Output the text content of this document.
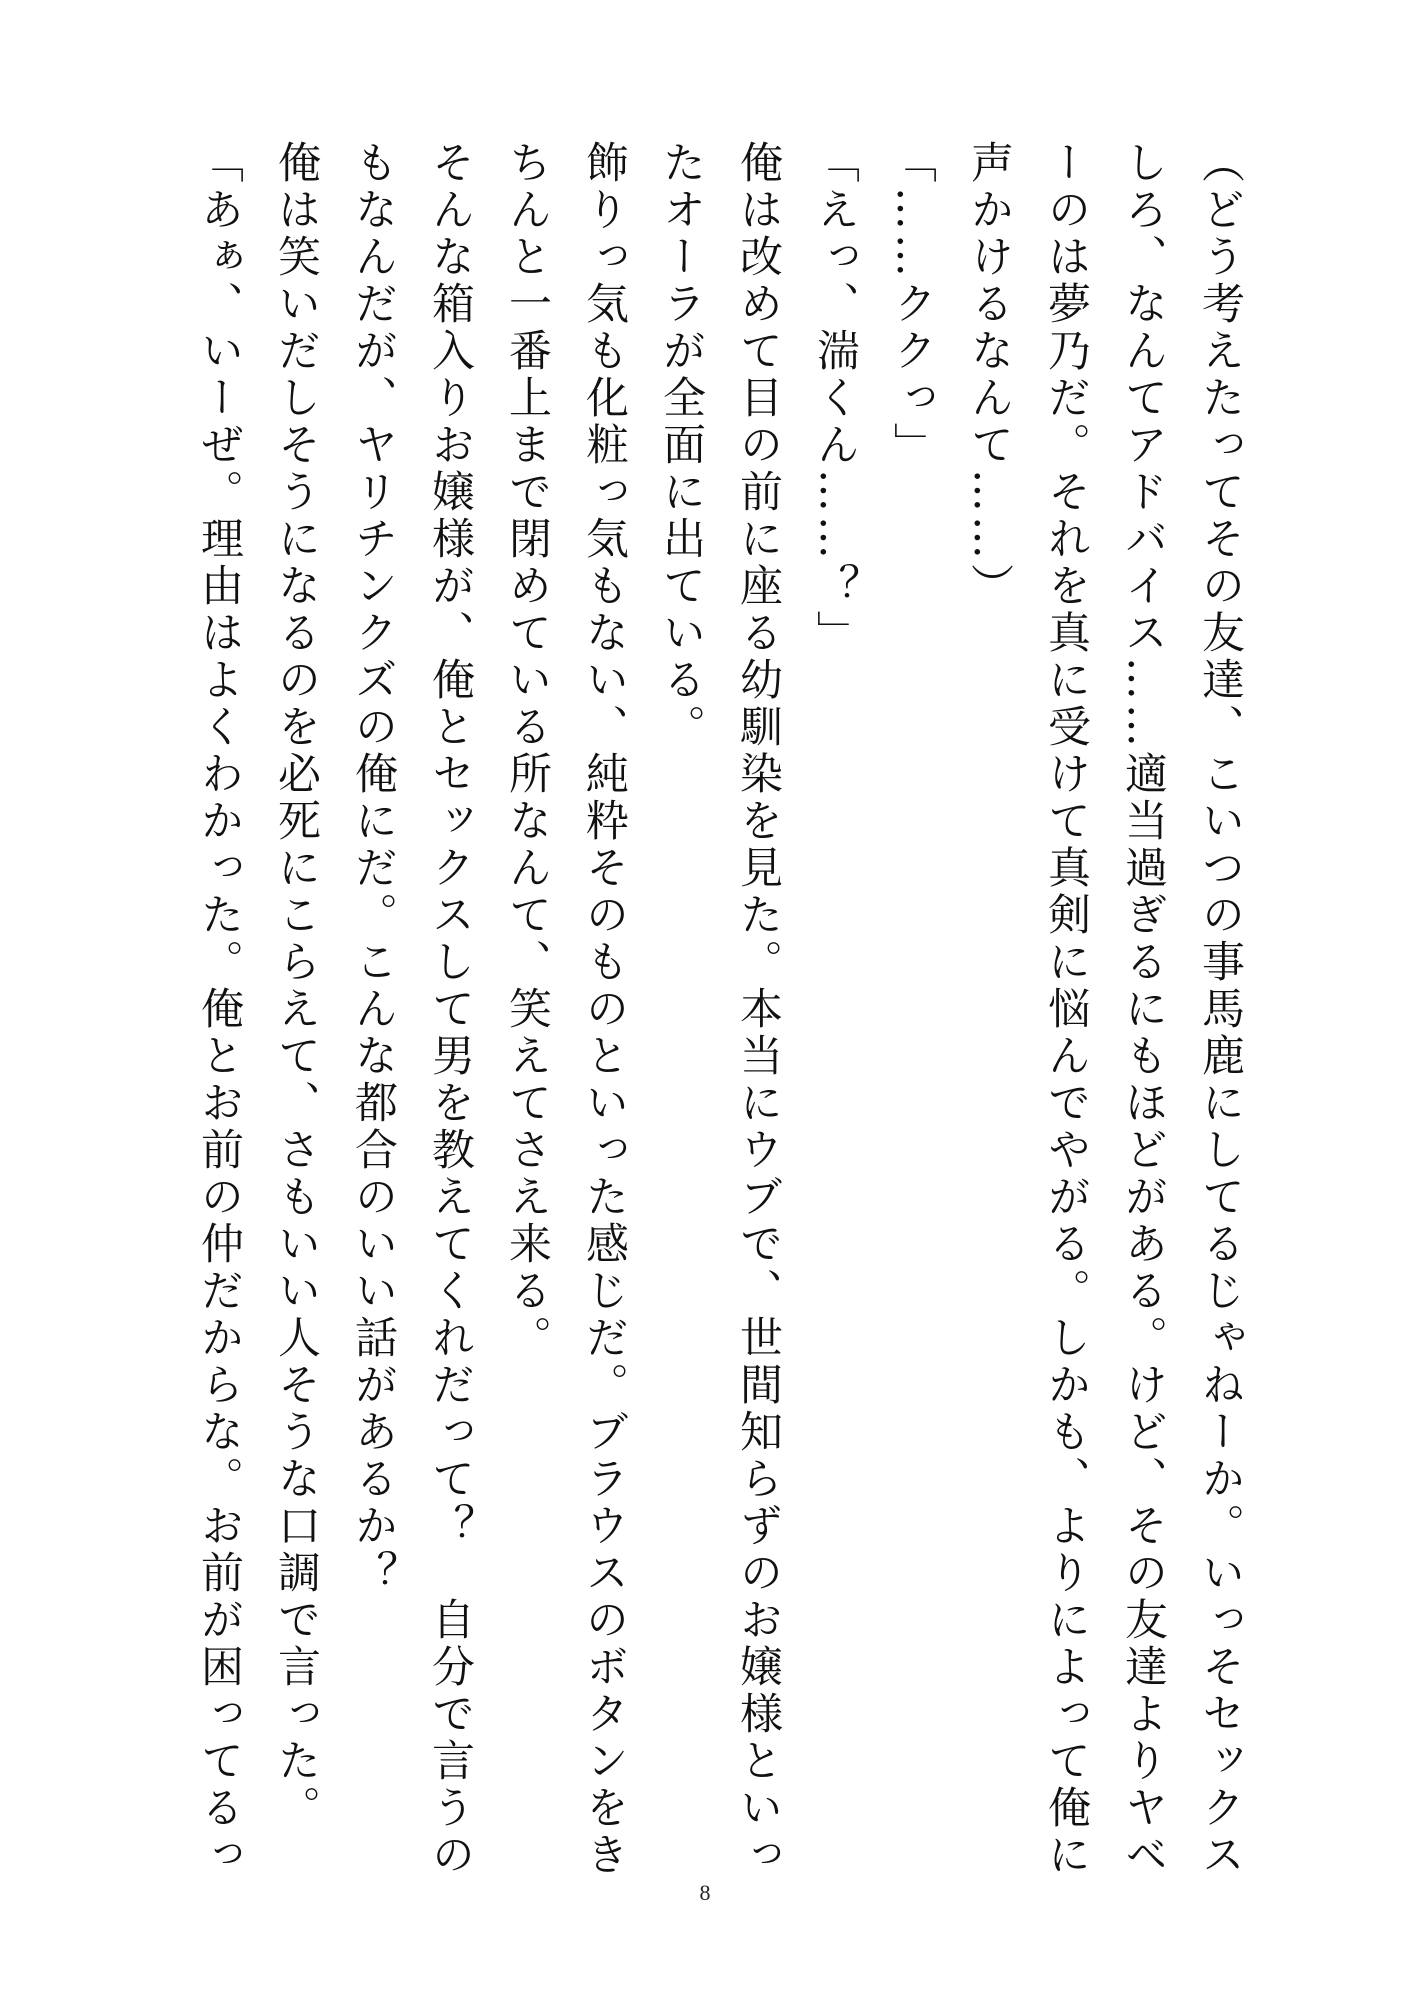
（どう考えたってその友達、こいつの事馬鹿にしてるじゃねーか。いっそセックスしろ、なんてアドバイス……適当過ぎるにもほどがある。けど、その友達よりヤベーのは夢乃だ。それを真に受けて真剣に悩んでやがる。しかも、よりによって俺に声かけるなんて……）

「……ククっ」

「えっ、湍くん……？」

俺は改めて目の前に座る幼馴染を見た。本当にウブで、世間知らずのお嬢様といったオーラが全面に出ている。

飾りっ気も化粧っ気もない、純粋そのものといった感じだ。ブラウスのボタンをきちんと一番上まで閉めている所なんて、笑えてさえ来る。

そんな箱入りお嬢様が、俺とセックスして男を教えてくれだって？　自分で言うのもなんだが、ヤリチンクズの俺にだ。こんな都合のいい話があるか？

俺は笑いだしそうになるのを必死にこらえて、さもいい人そうな口調で言った。

「あぁ、いーぜ。理由はよくわかった。俺とお前の仲だからな。お前が困ってるっ

8
